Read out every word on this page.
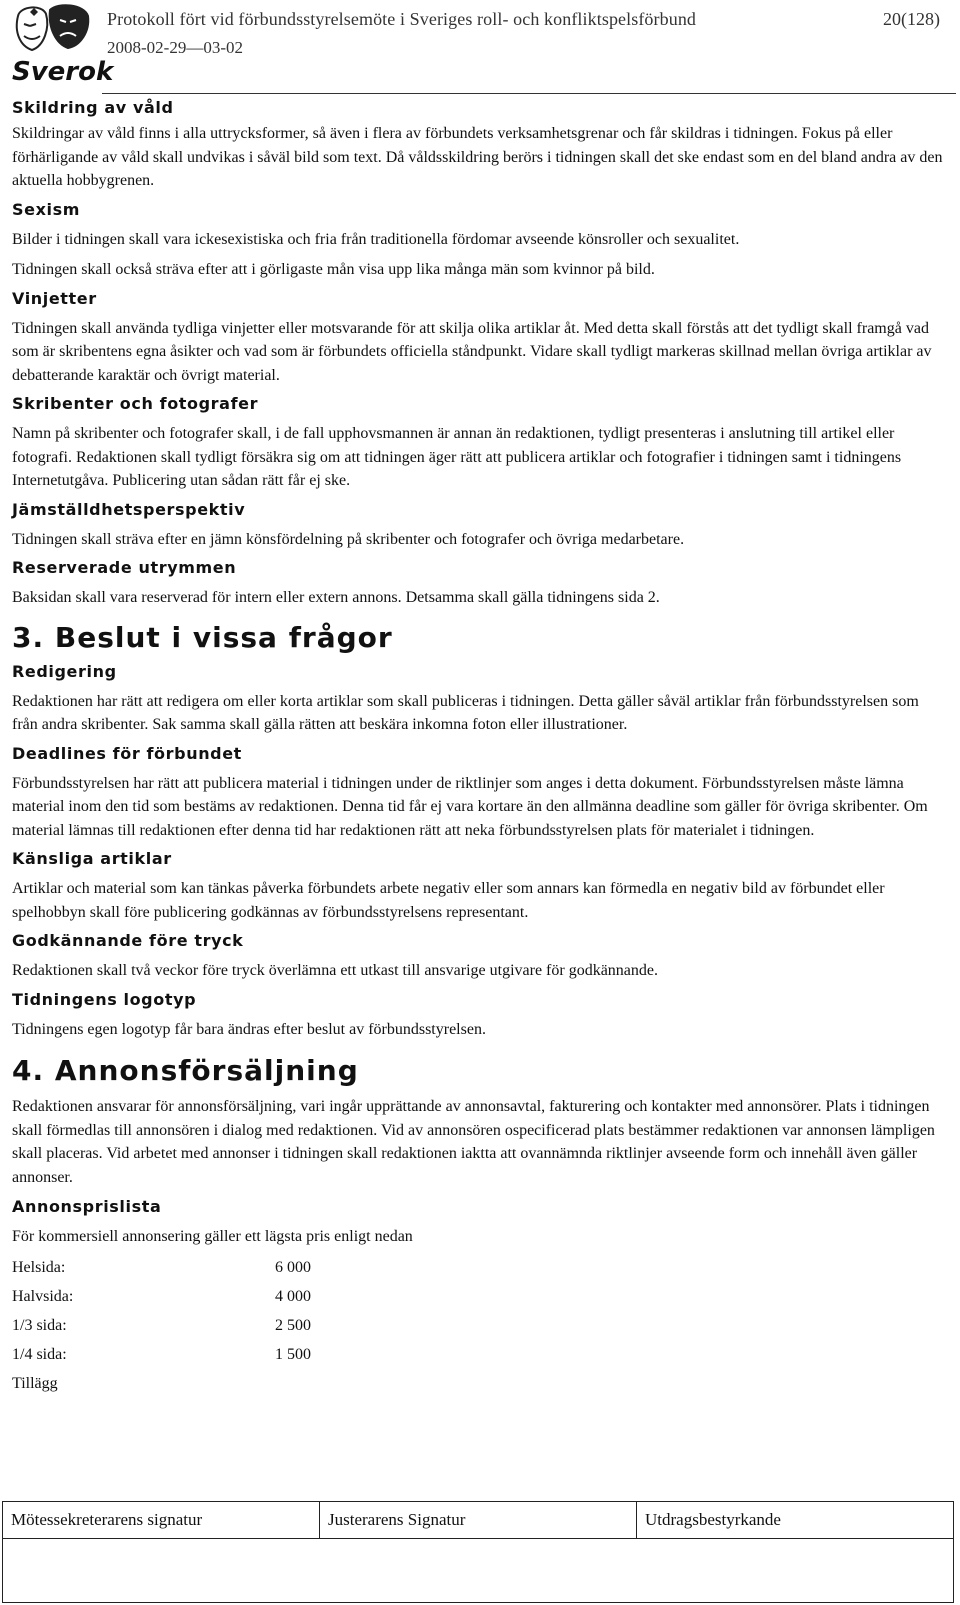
Sverok
Protokoll fört vid förbundsstyrelsemöte i Sveriges roll- och konfliktspelsförbund
2008-02-29—03-02
20(128)
Skildring av våld

Skildringar av våld finns i alla uttrycksformer, så även i flera av förbundets verksamhetsgrenar och får skildras i tidningen. Fokus på eller förhärligande av våld skall undvikas i såväl bild som text. Då våldsskildring berörs i tidningen skall det ske endast som en del bland andra av den aktuella hobbygrenen.

Sexism

Bilder i tidningen skall vara ickesexistiska och fria från traditionella fördomar avseende könsroller och sexualitet.

Tidningen skall också sträva efter att i görligaste mån visa upp lika många män som kvinnor på bild.

Vinjetter

Tidningen skall använda tydliga vinjetter eller motsvarande för att skilja olika artiklar åt. Med detta skall förstås att det tydligt skall framgå vad som är skribentens egna åsikter och vad som är förbundets officiella ståndpunkt. Vidare skall tydligt markeras skillnad mellan övriga artiklar av debatterande karaktär och övrigt material.

Skribenter och fotografer

Namn på skribenter och fotografer skall, i de fall upphovsmannen är annan än redaktionen, tydligt presenteras i anslutning till artikel eller fotografi. Redaktionen skall tydligt försäkra sig om att tidningen äger rätt att publicera artiklar och fotografier i tidningen samt i tidningens Internetutgåva. Publicering utan sådan rätt får ej ske.

Jämställdhetsperspektiv

Tidningen skall sträva efter en jämn könsfördelning på skribenter och fotografer och övriga medarbetare.

Reserverade utrymmen

Baksidan skall vara reserverad för intern eller extern annons. Detsamma skall gälla tidningens sida 2.

3. Beslut i vissa frågor
Redigering

Redaktionen har rätt att redigera om eller korta artiklar som skall publiceras i tidningen. Detta gäller såväl artiklar från förbundsstyrelsen som från andra skribenter. Sak samma skall gälla rätten att beskära inkomna foton eller illustrationer.

Deadlines för förbundet

Förbundsstyrelsen har rätt att publicera material i tidningen under de riktlinjer som anges i detta dokument. Förbundsstyrelsen måste lämna material inom den tid som bestäms av redaktionen. Denna tid får ej vara kortare än den allmänna deadline som gäller för övriga skribenter. Om material lämnas till redaktionen efter denna tid har redaktionen rätt att neka förbundsstyrelsen plats för materialet i tidningen.

Känsliga artiklar

Artiklar och material som kan tänkas påverka förbundets arbete negativ eller som annars kan förmedla en negativ bild av förbundet eller spelhobbyn skall före publicering godkännas av förbundsstyrelsens representant.

Godkännande före tryck

Redaktionen skall två veckor före tryck överlämna ett utkast till ansvarige utgivare för godkännande.

Tidningens logotyp

Tidningens egen logotyp får bara ändras efter beslut av förbundsstyrelsen.

4. Annonsförsäljning

Redaktionen ansvarar för annonsförsäljning, vari ingår upprättande av annonsavtal, fakturering och kontakter med annonsörer. Plats i tidningen skall förmedlas till annonsören i dialog med redaktionen. Vid av annonsören ospecificerad plats bestämmer redaktionen var annonsen lämpligen skall placeras. Vid arbetet med annonser i tidningen skall redaktionen iaktta att ovannämnda riktlinjer avseende form och innehåll även gäller annonser.

Annonsprislista

För kommersiell annonsering gäller ett lägsta pris enligt nedan

Helsida:	6 000
Halvsida:	4 000
1/3 sida:	2 500
1/4 sida:	1 500
Tillägg
Mötessekreterarens signatur	Justerarens Signatur	Utdragsbestyrkande
